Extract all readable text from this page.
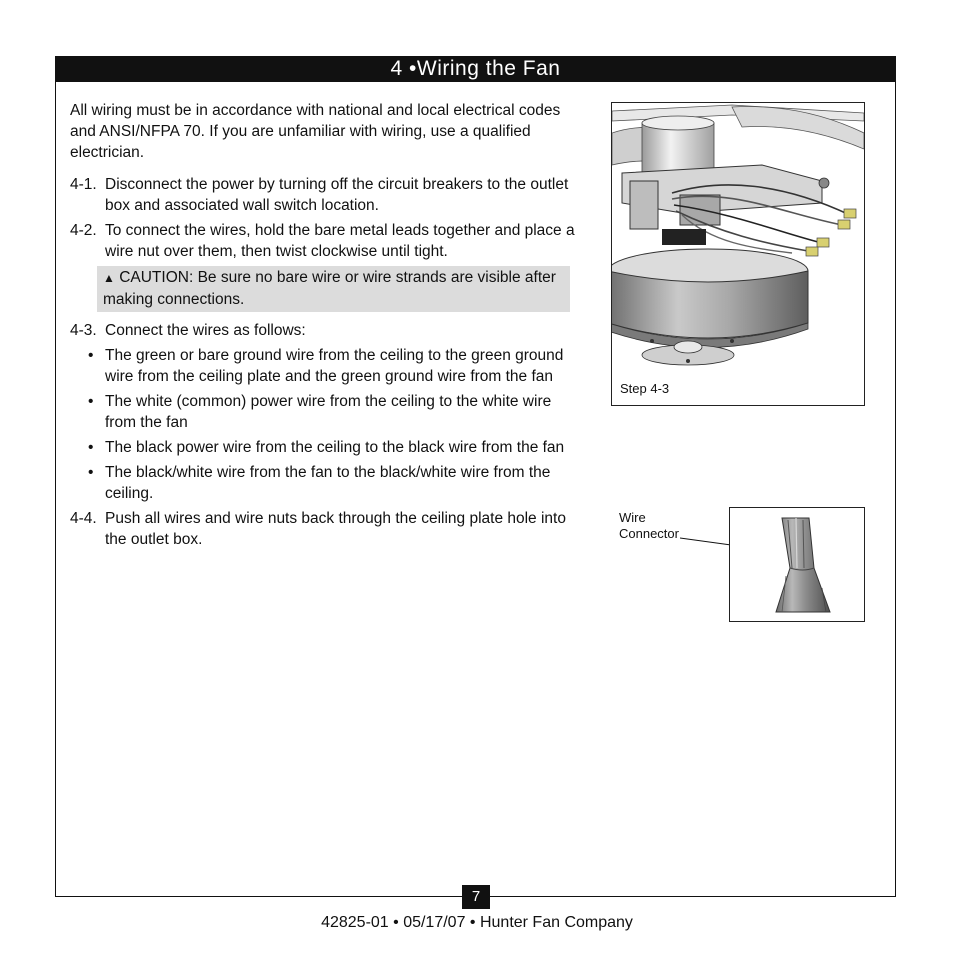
4 •Wiring the Fan

All wiring must be in accordance with national and local electrical codes and ANSI/NFPA 70. If you are unfamiliar with wiring, use a qualified electrician.

4-1. Disconnect the power by turning off the circuit breakers to the outlet box and associated wall switch location.

4-2. To connect the wires, hold the bare metal leads together and place a wire nut over them, then twist clockwise until tight.

▲ CAUTION: Be sure no bare wire or wire strands are visible after making connections.

4-3. Connect the wires as follows:

• The green or bare ground wire from the ceiling to the green ground wire from the ceiling plate and the green ground wire from the fan
• The white (common) power wire from the ceiling to the white wire from the fan
• The black power wire from the ceiling to the black wire from the fan
• The black/white wire from the fan to the black/white wire from the ceiling.

4-4. Push all wires and wire nuts back through the ceiling plate hole into the outlet box.

Step 4-3
Wire
Connector
7
42825-01 • 05/17/07 • Hunter Fan Company
